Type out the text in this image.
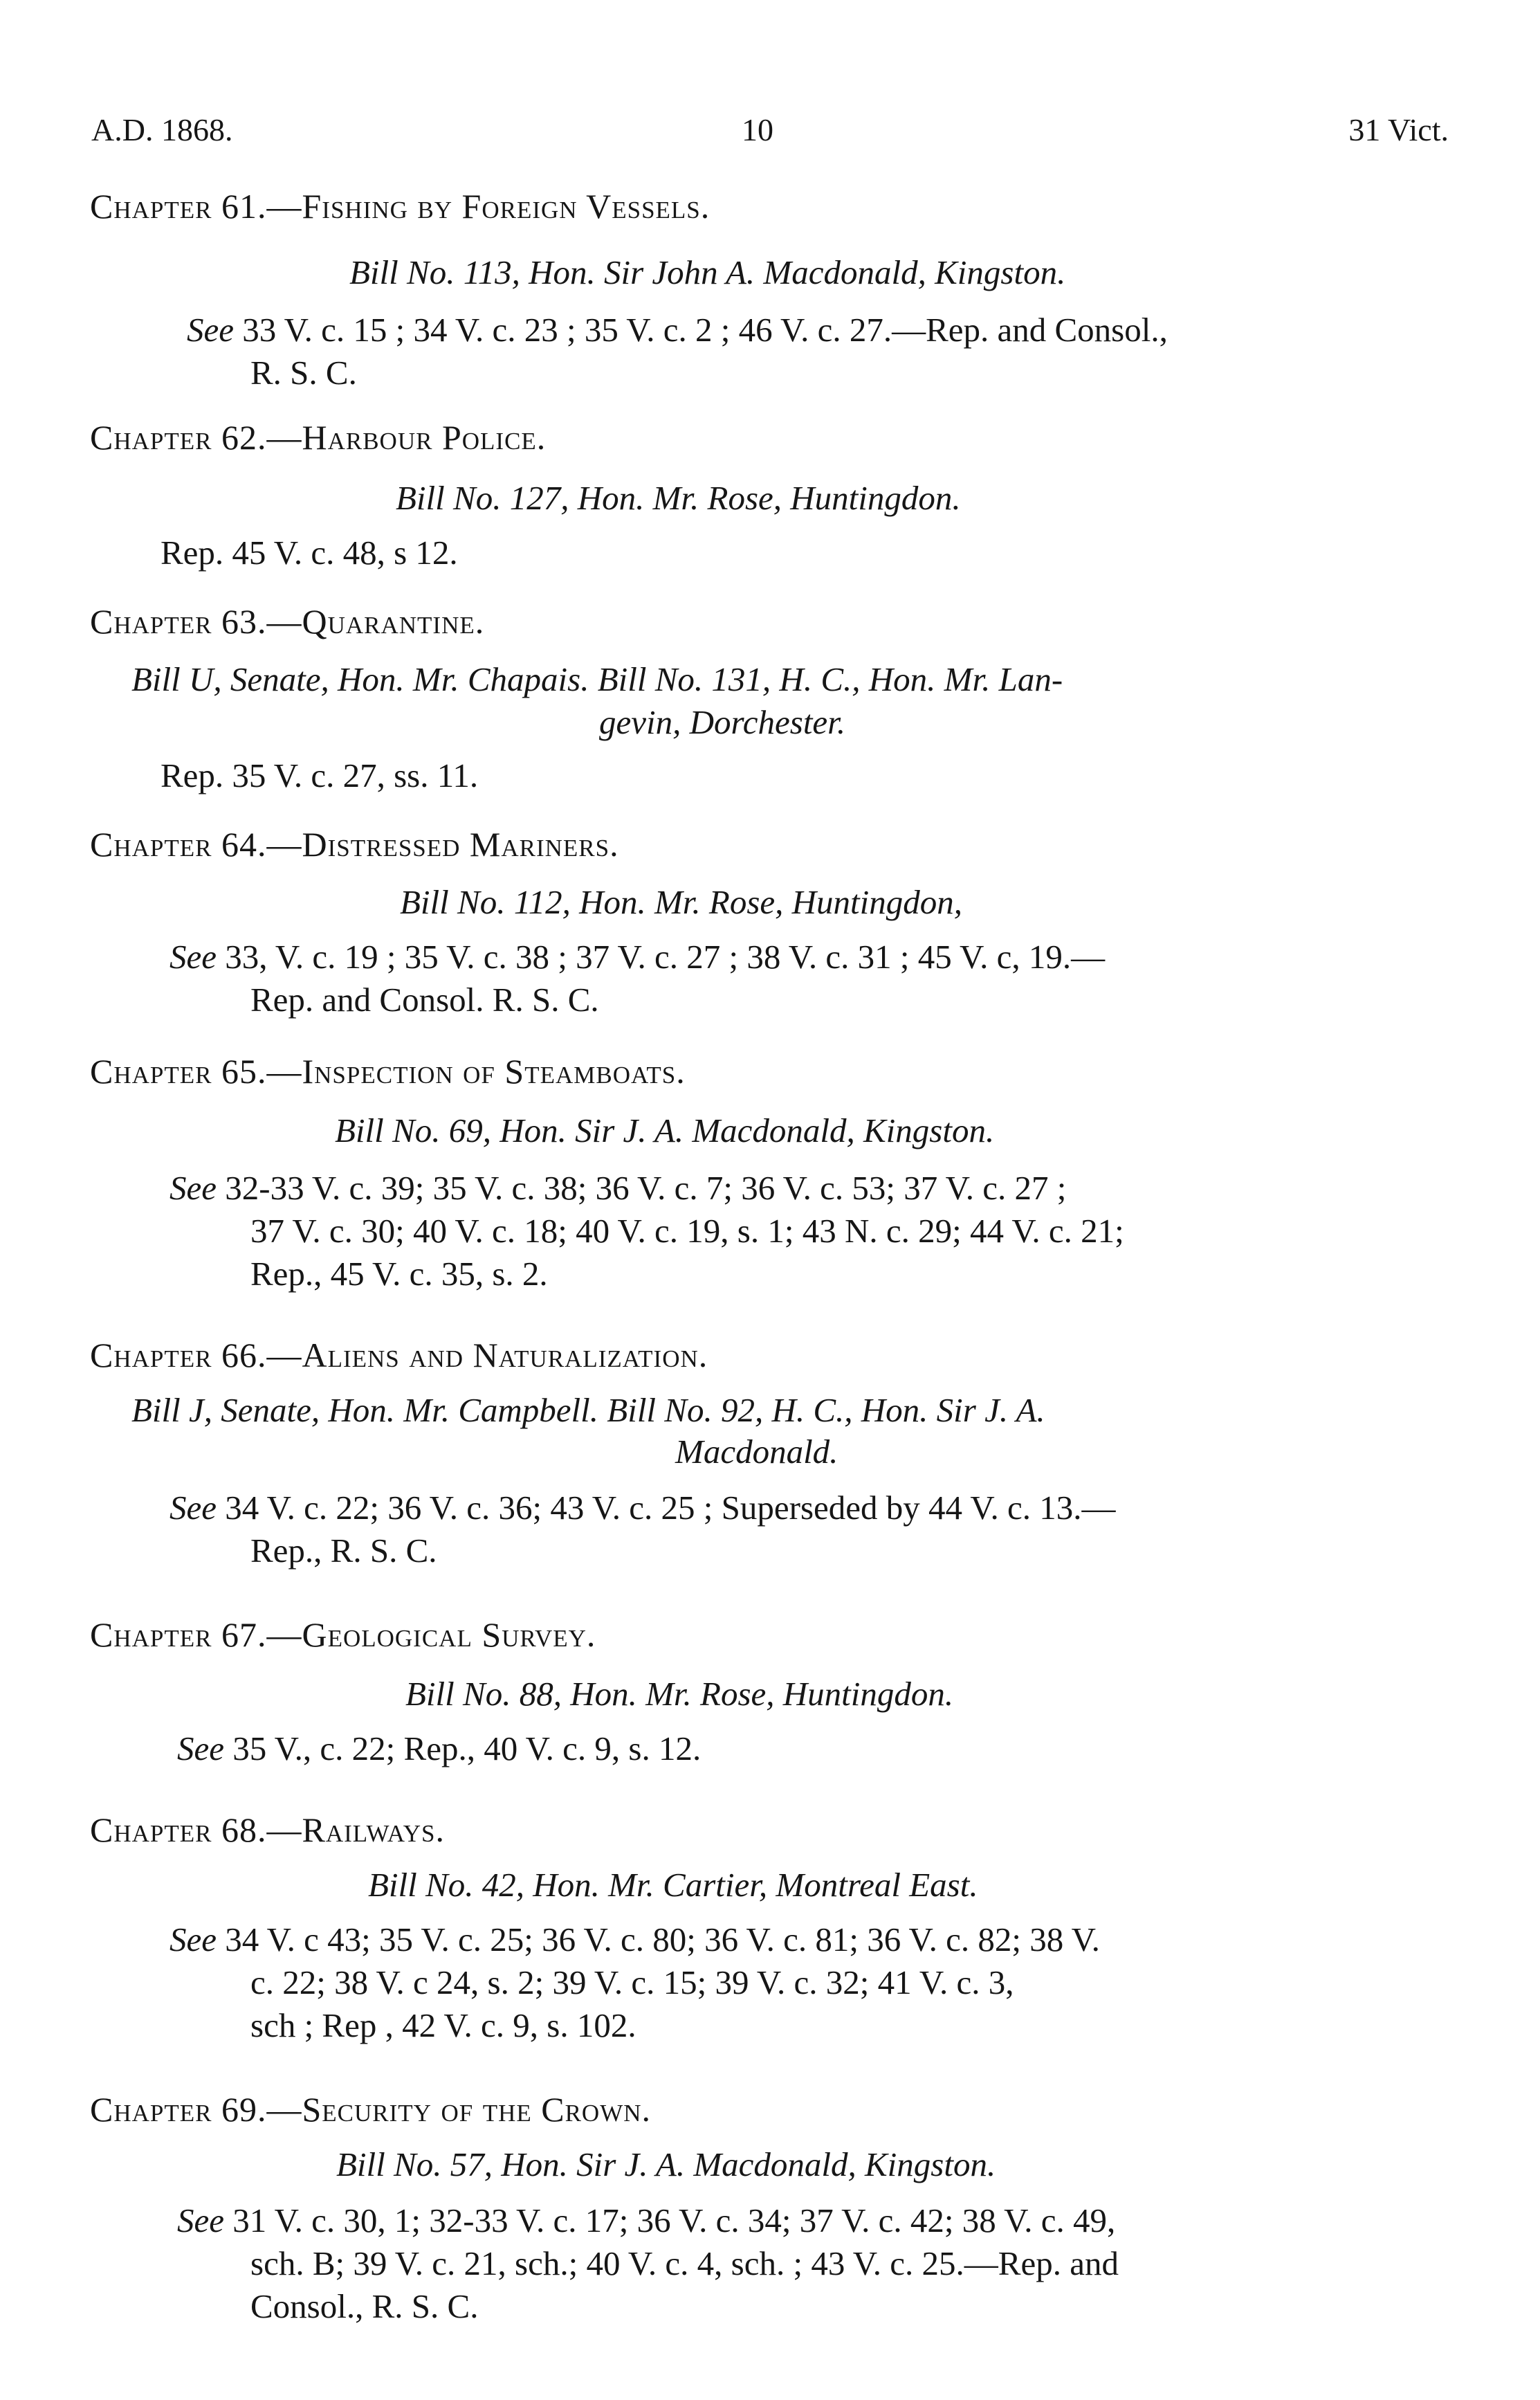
A.D. 1868.	10	31 Vict.
Chapter 61.—Fishing by Foreign Vessels.
Bill No. 113, Hon. Sir John A. Macdonald, Kingston.
See 33 V. c. 15 ; 34 V. c. 23 ; 35 V. c. 2 ; 46 V. c. 27.—Rep. and Consol.,
R. S. C.
Chapter 62.—Harbour Police.
Bill No. 127, Hon. Mr. Rose, Huntingdon.
Rep. 45 V. c. 48, s 12.
Chapter 63.—Quarantine.
Bill U, Senate, Hon. Mr. Chapais. Bill No. 131, H. C., Hon. Mr. Lan-
gevin, Dorchester.
Rep. 35 V. c. 27, ss. 11.
Chapter 64.—Distressed Mariners.
Bill No. 112, Hon. Mr. Rose, Huntingdon,
See 33, V. c. 19 ; 35 V. c. 38 ; 37 V. c. 27 ; 38 V. c. 31 ; 45 V. c, 19.—
Rep. and Consol. R. S. C.
Chapter 65.—Inspection of Steamboats.
Bill No. 69, Hon. Sir J. A. Macdonald, Kingston.
See 32-33 V. c. 39; 35 V. c. 38; 36 V. c. 7; 36 V. c. 53; 37 V. c. 27 ;
37 V. c. 30; 40 V. c. 18; 40 V. c. 19, s. 1; 43 N. c. 29; 44 V. c. 21;
Rep., 45 V. c. 35, s. 2.
Chapter 66.—Aliens and Naturalization.
Bill J, Senate, Hon. Mr. Campbell. Bill No. 92, H. C., Hon. Sir J. A.
Macdonald.
See 34 V. c. 22; 36 V. c. 36; 43 V. c. 25 ; Superseded by 44 V. c. 13.—
Rep., R. S. C.
Chapter 67.—Geological Survey.
Bill No. 88, Hon. Mr. Rose, Huntingdon.
See 35 V., c. 22; Rep., 40 V. c. 9, s. 12.
Chapter 68.—Railways.
Bill No. 42, Hon. Mr. Cartier, Montreal East.
See 34 V. c 43; 35 V. c. 25; 36 V. c. 80; 36 V. c. 81; 36 V. c. 82; 38 V.
c. 22; 38 V. c 24, s. 2; 39 V. c. 15; 39 V. c. 32; 41 V. c. 3,
sch ; Rep , 42 V. c. 9, s. 102.
Chapter 69.—Security of the Crown.
Bill No. 57, Hon. Sir J. A. Macdonald, Kingston.
See 31 V. c. 30, 1; 32-33 V. c. 17; 36 V. c. 34; 37 V. c. 42; 38 V. c. 49,
sch. B; 39 V. c. 21, sch.; 40 V. c. 4, sch. ; 43 V. c. 25.—Rep. and
Consol., R. S. C.
